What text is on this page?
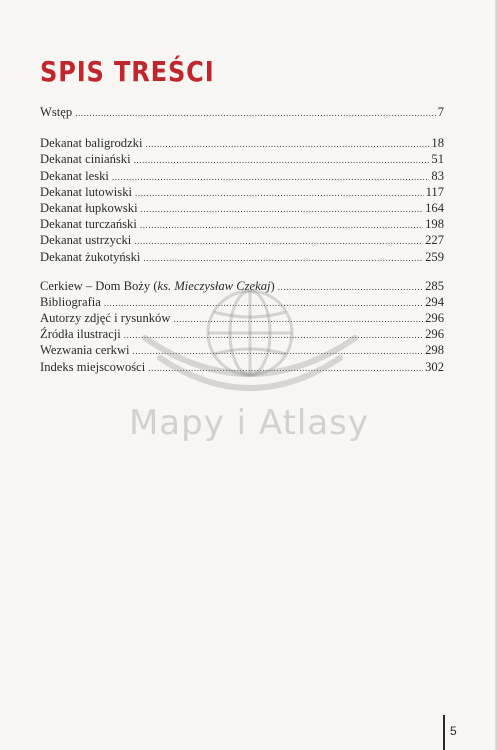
SPIS TREŚCI
Wstęp .....	7
Dekanat baligrodzki .....	18
Dekanat ciniański .....	51
Dekanat leski .....	83
Dekanat lutowiski .....	117
Dekanat łupkowski .....	164
Dekanat turczański .....	198
Dekanat ustrzycki .....	227
Dekanat żukotyński .....	259
Cerkiew – Dom Boży (ks. Mieczysław Czekaj) .....	285
Bibliografia .....	294
Autorzy zdjęć i rysunków .....	296
Źródła ilustracji .....	296
Wezwania cerkwi .....	298
Indeks miejscowości .....	302
Mapy i Atlasy
5
